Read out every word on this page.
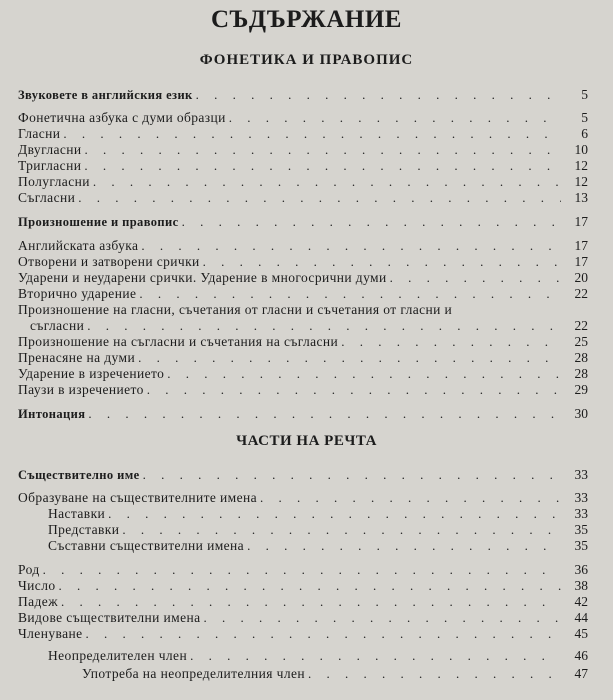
СЪДЪРЖАНИЕ
ФОНЕТИКА И ПРАВОПИС
Звуковете в английския език . . .	5
Фонетична азбука с думи образци . . .	5
Гласни . . .	6
Двугласни . . .	10
Тригласни . . .	12
Полугласни . . .	12
Съгласни . . .	13
Произношение и правопис . . .	17
Английската азбука . . .	17
Отворени и затворени срички . . .	17
Ударени и неударени срички. Ударение в многосрични думи . . .	20
Вторично ударение . . .	22
Произношение на гласни, съчетания от гласни и съчетания от гласни и
съгласни . . .	22
Произношение на съгласни и съчетания на съгласни . . .	25
Пренасяне на думи . . .	28
Ударение в изречението . . .	28
Паузи в изречението . . .	29
Интонация . . .	30
ЧАСТИ НА РЕЧТА
Съществително име . . .	33
Образуване на съществителните имена . . .	33
Наставки . . .	33
Представки . . .	35
Съставни съществителни имена . . .	35
Род . . .	36
Число . . .	38
Падеж . . .	42
Видове съществителни имена . . .	44
Членуване . . .	45
Неопределителен член . . .	46
Употреба на неопределителния член . . .	47
